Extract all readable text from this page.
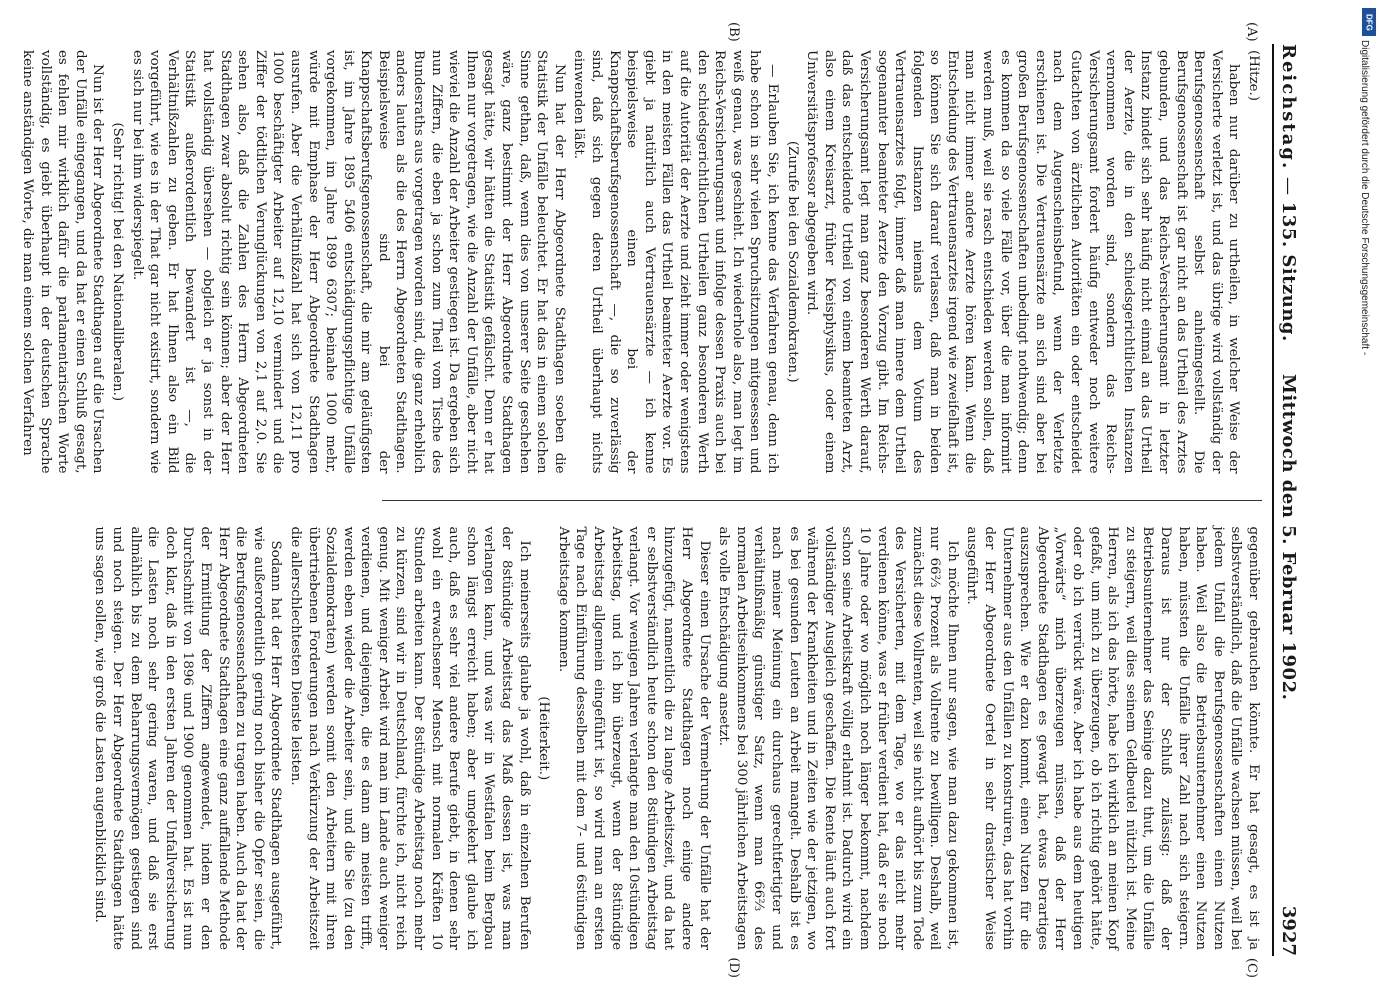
Reichstag. — 135. Sitzung.     Mittwoch den 5. Februar 1902.
3927
(A)
(B)

(Hitze.)

haben nur darüber zu urtheilen, in welcher Weise der Versicherte verletzt ist, und das übrige wird vollständig der Berufsgenossenschaft selbst anheimgestellt. Die Berufsgenossenschaft ist gar nicht an das Urtheil des Arztes gebunden, und das Reichs-Versicherungsamt in letzter Instanz bindet sich sehr häufig nicht einmal an das Urtheil der Aerzte, die in den schiedsgerichtlichen Instanzen vernommen worden sind, sondern das Reichs-Versicherungsamt fordert häufig entweder noch weitere Gutachten von ärztlichen Autoritäten ein oder entscheidet nach dem Augenscheinsbefund, wenn der Verletzte erschienen ist. Die Vertrauensärzte an sich sind aber bei großen Berufsgenossenschaften unbedingt nothwendig; denn es kommen da so viele Fälle vor, über die man informirt werden muß, weil sie rasch entschieden werden sollen, daß man nicht immer andere Aerzte hören kann. Wenn die Entscheidung des Vertrauensarztes irgend wie zweifelhaft ist, so können Sie sich darauf verlassen, daß man in beiden folgenden Instanzen niemals dem Votum des Vertrauensarztes folgt, immer daß man innere dem Urtheil sogenannter beamteter Aerzte den Vorzug gibt. Im Reichs-Versicherungsamt legt man ganz besonderen Werth darauf, daß das entscheidende Urtheil von einem beamteten Arzt, also einem Kreisarzt, früher Kreisphysikus, oder einem Universitätsprofessor abgegeben wird.

(Zurufe bei den Sozialdemokraten.)

— Erlauben Sie, ich kenne das Verfahren genau, denn ich habe schon in sehr vielen Spruchsitzungen mitgesessen und weiß genau, was geschieht. Ich wiederhole also, man legt im Reichs-Versicherungsamt und infolge dessen Praxis auch bei den schiedsgerichtlichen Urtheilen ganz besonderen Werth auf die Autorität der Aerzte und zieht immer oder wenigstens in den meisten Fällen das Urtheil beamteter Aerzte vor. Es giebt ja natürlich auch Vertrauensärzte — ich kenne beispielsweise einen bei der Knappschaftsberufsgenossenschaft —, die so zuverlässig sind, daß sich gegen deren Urtheil überhaupt nichts einwenden läßt.

Nun hat der Herr Abgeordnete Stadthagen soeben die Statistik der Unfälle beleuchtet. Er hat das in einem solchen Sinne gethan, daß, wenn dies von unserer Seite geschehen wäre, ganz bestimmt der Herr Abgeordnete Stadthagen gesagt hätte, wir hätten die Statistik gefälscht. Denn er hat Ihnen nur vorgetragen, wie die Anzahl der Unfälle, aber nicht wieviel die Anzahl der Arbeiter gestiegen ist. Da ergeben sich nun Ziffern, die eben ja schon zum Theil vom Tische des Bundesraths aus vorgetragen worden sind, die ganz erheblich anders lauten als die des Herrn Abgeordneten Stadthagen. Beispielsweise sind bei der Knappschaftsberufsgenossenschaft, die mir am geläufigsten ist, im Jahre 1895 5406 entschädigungspflichtige Unfälle vorgekommen, im Jahre 1899 6307; beinahe 1000 mehr, würde mit Emphase der Herr Abgeordnete Stadthagen ausrufen. Aber die Verhältnißzahl hat sich von 12,11 pro 1000 beschäftigter Arbeiter auf 12,10 vermindert und die Ziffer der tödtlichen Verunglückungen von 2,1 auf 2,0. Sie sehen also, daß die Zahlen des Herrn Abgeordneten Stadthagen zwar absolut richtig sein können; aber der Herr hat vollständig übersehen — obgleich er ja sonst in der Statistik außerordentlich bewandert ist —, die Verhältnißzahlen zu geben. Er hat Ihnen also ein Bild vorgeführt, wie es in der That gar nicht existirt, sondern wie es sich nur bei ihm widerspiegelt.

(Sehr richtig! bei den Nationalliberalen.)

Nun ist der Herr Abgeordnete Stadthagen auf die Ursachen der Unfälle eingegangen, und da hat er einen Schluß gesagt, es fehlen mir wirklich dafür die parlamentarischen Worte vollständig, es giebt überhaupt in der deutschen Sprache keine anständigen Worte, die man einem solchen Verfahren

(C)
(D)

gegenüber gebrauchen könnte. Er hat gesagt, es ist ja selbstverständlich, daß die Unfälle wachsen müssen, weil bei jedem Unfall die Berufsgenossenschaften einen Nutzen haben. Weil also die Betriebsunternehmer einen Nutzen haben, müssten die Unfälle ihrer Zahl nach sich steigern. Daraus ist nur der Schluß zulässig: daß der Betriebsunternehmer das Seinige dazu thut, um die Unfälle zu steigern, weil dies seinem Geldbeutel nützlich ist. Meine Herren, als ich das hörte, habe ich wirklich an meinen Kopf gefaßt, um mich zu überzeugen, ob ich richtig gehört hätte, oder ob ich verrückt wäre. Aber ich habe aus dem heutigen „Vorwärts“ mich überzeugen müssen, daß der Herr Abgeordnete Stadthagen es gewagt hat, etwas Derartiges auszusprechen. Wie er dazu kommt, einen Nutzen für die Unternehmer aus den Unfällen zu konstruiren, das hat vorhin der Herr Abgeordnete Oertel in sehr drastischer Weise ausgeführt.

Ich möchte Ihnen nur sagen, wie man dazu gekommen ist, nur 66⅔ Prozent als Vollrente zu bewilligen. Deshalb, weil zunächst diese Vollrenten, weil sie nicht aufhört bis zum Tode des Versicherten, mit dem Tage, wo er das nicht mehr verdienen könne, was er früher verdient hat, daß er sie noch 10 Jahre oder wo möglich noch länger bekommt, nachdem schon seine Arbeitskraft völlig erlahmt ist. Dadurch wird ein vollständiger Ausgleich geschaffen. Die Rente läuft auch fort während der Krankheiten und in Zeiten wie der jetzigen, wo es bei gesunden Leuten an Arbeit mangelt. Deshalb ist es nach meiner Meinung ein durchaus gerechtfertigter und verhältnißmäßig günstiger Satz, wenn man 66⅔ des normalen Arbeitseinkommens bei 300 jährlichen Arbeitstagen als volle Entschädigung ansetzt.

Dieser einen Ursache der Vermehrung der Unfälle hat der Herr Abgeordnete Stadthagen noch einige andere hinzugefügt, namentlich die zu lange Arbeitszeit, und da hat er selbstverständlich heute schon den 8stündigen Arbeitstag verlangt. Vor wenigen Jahren verlangte man den 10stündigen Arbeitstag, und ich bin überzeugt, wenn der 8stündige Arbeitstag allgemein eingeführt ist, so wird man an ersten Tage nach Einführung desselben mit dem 7- und 6stündigen Arbeitstage kommen.

(Heiterkeit.)

Ich meinerseits glaube ja wohl, daß in einzelnen Berufen der 8stündige Arbeitstag das Maß dessen ist, was man verlangen kann, und was wir in Westfalen beim Bergbau schon längst erreicht haben; aber umgekehrt glaube ich auch, daß es sehr viel andere Berufe giebt, in denen sehr wohl ein erwachsener Mensch mit normalen Kräften 10 Stunden arbeiten kann. Der 8stündige Arbeitstag noch mehr zu kürzen, sind wir in Deutschland, fürchte ich, nicht reich genug. Mit weniger Arbeit wird man im Lande auch weniger verdienen, und diejenigen, die es dann am meisten trifft, werden eben wieder die Arbeiter sein, und die Sie (zu den Sozialdemokraten) werden somit den Arbeitern mit ihren übertriebenen Forderungen nach Verkürzung der Arbeitszeit die allerschlechtesten Dienste leisten.

Sodann hat der Herr Abgeordnete Stadthagen ausgeführt, wie außerordentlich gering noch bisher die Opfer seien, die die Berufsgenossenschaften zu tragen haben. Auch da hat der Herr Abgeordnete Stadthagen eine ganz auffallende Methode der Ermittlung der Ziffern angewendet, indem er den Durchschnitt von 1896 und 1900 genommen hat. Es ist nun doch klar, daß in den ersten Jahren der Unfallversicherung die Lasten noch sehr gering waren, und daß sie erst allmählich bis zu dem Beharrungsvermögen gestiegen sind und noch steigen. Der Herr Abgeordnete Stadthagen hätte uns sagen sollen, wie groß die Lasten augenblicklich sind.

DFG
Digitalisierung gefördert durch die Deutsche Forschungsgemeinschaft -
